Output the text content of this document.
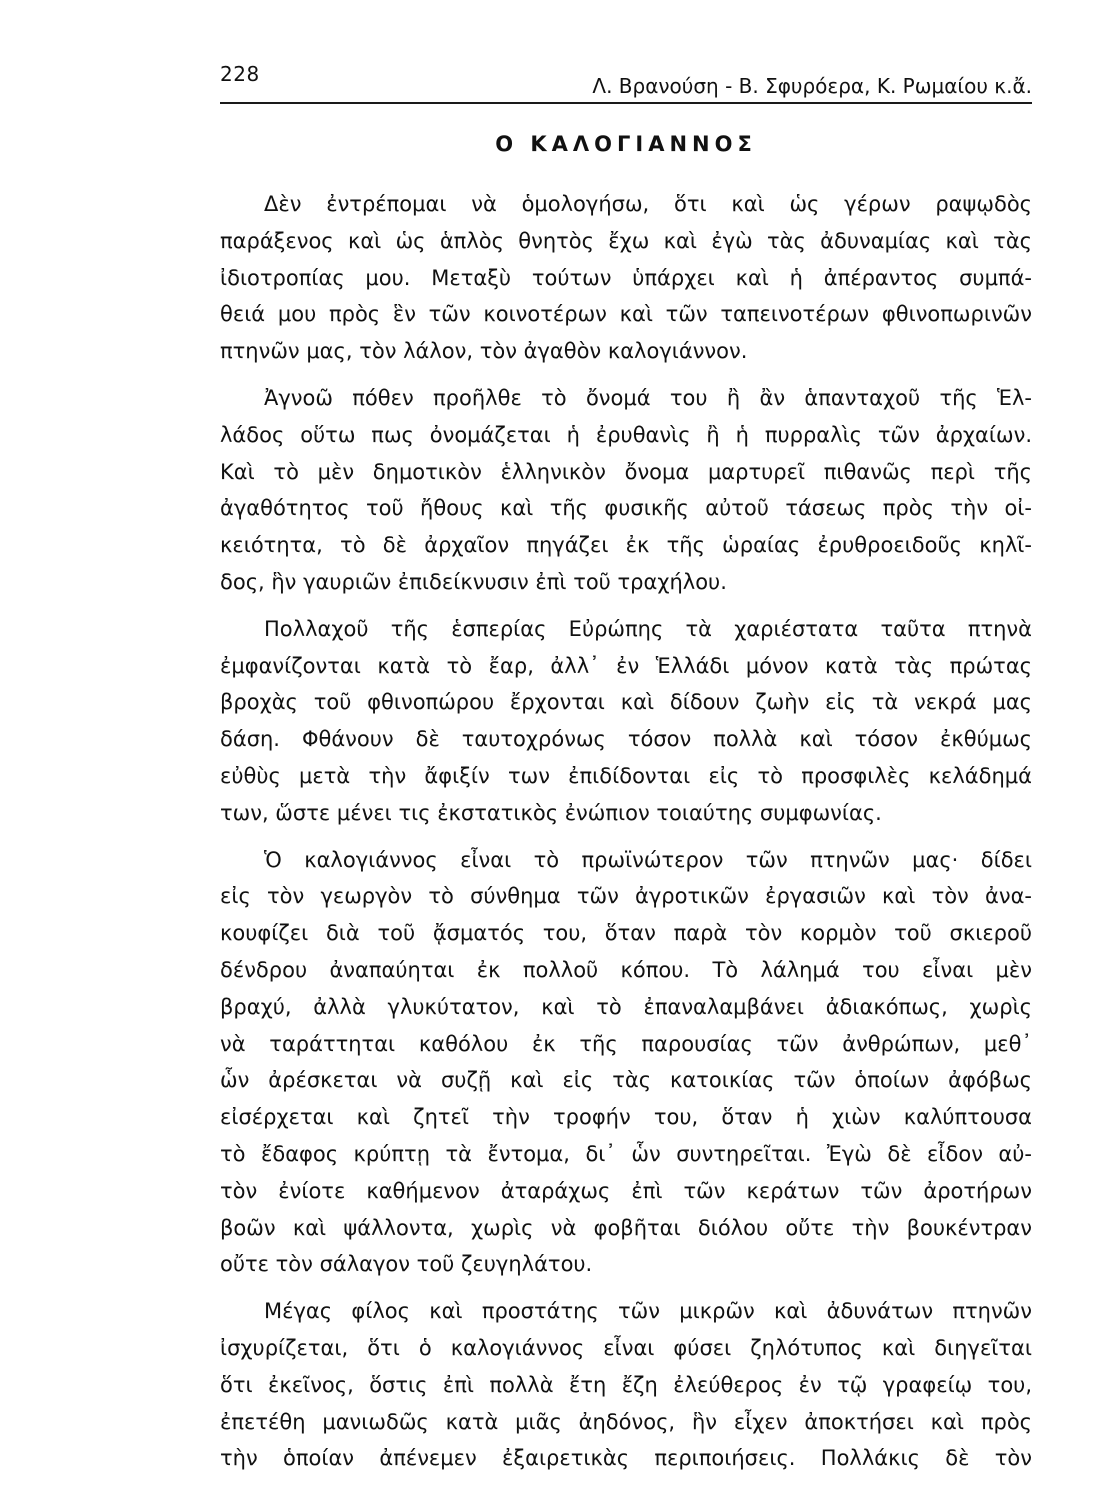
228	Λ. Βρανούση - Β. Σφυρόερα, Κ. Ρωμαίου κ.ἄ.
Ο ΚΑΛΟΓΙΑΝΝΟΣ
Δὲν ἐντρέπομαι νὰ ὁμολογήσω, ὅτι καὶ ὡς γέρων ραψῳδὸς
παράξενος καὶ ὡς ἁπλὸς θνητὸς ἔχω καὶ ἐγὼ τὰς ἀδυναμίας καὶ τὰς
ἰδιοτροπίας μου. Μεταξὺ τούτων ὑπάρχει καὶ ἡ ἀπέραντος συμπά-
θειά μου πρὸς ἓν τῶν κοινοτέρων καὶ τῶν ταπεινοτέρων φθινοπωρινῶν
πτηνῶν μας, τὸν λάλον, τὸν ἀγαθὸν καλογιάννον.
Ἀγνοῶ πόθεν προῆλθε τὸ ὄνομά του ἢ ἂν ἁπανταχοῦ τῆς Ἑλ-
λάδος οὕτω πως ὀνομάζεται ἡ ἐρυθανὶς ἢ ἡ πυρραλὶς τῶν ἀρχαίων.
Καὶ τὸ μὲν δημοτικὸν ἑλληνικὸν ὄνομα μαρτυρεῖ πιθανῶς περὶ τῆς
ἀγαθότητος τοῦ ἤθους καὶ τῆς φυσικῆς αὐτοῦ τάσεως πρὸς τὴν οἰ-
κειότητα, τὸ δὲ ἀρχαῖον πηγάζει ἐκ τῆς ὡραίας ἐρυθροειδοῦς κηλῖ-
δος, ἣν γαυριῶν ἐπιδείκνυσιν ἐπὶ τοῦ τραχήλου.
Πολλαχοῦ τῆς ἑσπερίας Εὐρώπης τὰ χαριέστατα ταῦτα πτηνὰ
ἐμφανίζονται κατὰ τὸ ἔαρ, ἀλλ᾽ ἐν Ἑλλάδι μόνον κατὰ τὰς πρώτας
βροχὰς τοῦ φθινοπώρου ἔρχονται καὶ δίδουν ζωὴν εἰς τὰ νεκρά μας
δάση. Φθάνουν δὲ ταυτοχρόνως τόσον πολλὰ καὶ τόσον ἐκθύμως
εὐθὺς μετὰ τὴν ἄφιξίν των ἐπιδίδονται εἰς τὸ προσφιλὲς κελάδημά
των, ὥστε μένει τις ἐκστατικὸς ἐνώπιον τοιαύτης συμφωνίας.
Ὁ καλογιάννος εἶναι τὸ πρωϊνώτερον τῶν πτηνῶν μας· δίδει
εἰς τὸν γεωργὸν τὸ σύνθημα τῶν ἀγροτικῶν ἐργασιῶν καὶ τὸν ἀνα-
κουφίζει διὰ τοῦ ᾄσματός του, ὅταν παρὰ τὸν κορμὸν τοῦ σκιεροῦ
δένδρου ἀναπαύηται ἐκ πολλοῦ κόπου. Τὸ λάλημά του εἶναι μὲν
βραχύ, ἀλλὰ γλυκύτατον, καὶ τὸ ἐπαναλαμβάνει ἀδιακόπως, χωρὶς
νὰ ταράττηται καθόλου ἐκ τῆς παρουσίας τῶν ἀνθρώπων, μεθ᾽
ὧν ἀρέσκεται νὰ συζῇ καὶ εἰς τὰς κατοικίας τῶν ὁποίων ἀφόβως
εἰσέρχεται καὶ ζητεῖ τὴν τροφήν του, ὅταν ἡ χιὼν καλύπτουσα
τὸ ἔδαφος κρύπτῃ τὰ ἔντομα, δι᾽ ὧν συντηρεῖται. Ἐγὼ δὲ εἶδον αὐ-
τὸν ἐνίοτε καθήμενον ἀταράχως ἐπὶ τῶν κεράτων τῶν ἀροτήρων
βοῶν καὶ ψάλλοντα, χωρὶς νὰ φοβῆται διόλου οὔτε τὴν βουκέντραν
οὔτε τὸν σάλαγον τοῦ ζευγηλάτου.
Μέγας φίλος καὶ προστάτης τῶν μικρῶν καὶ ἀδυνάτων πτηνῶν
ἰσχυρίζεται, ὅτι ὁ καλογιάννος εἶναι φύσει ζηλότυπος καὶ διηγεῖται
ὅτι ἐκεῖνος, ὅστις ἐπὶ πολλὰ ἔτη ἔζη ἐλεύθερος ἐν τῷ γραφείῳ του,
ἐπετέθη μανιωδῶς κατὰ μιᾶς ἀηδόνος, ἣν εἶχεν ἀποκτήσει καὶ πρὸς
τὴν ὁποίαν ἀπένεμεν ἐξαιρετικὰς περιποιήσεις. Πολλάκις δὲ τὸν
